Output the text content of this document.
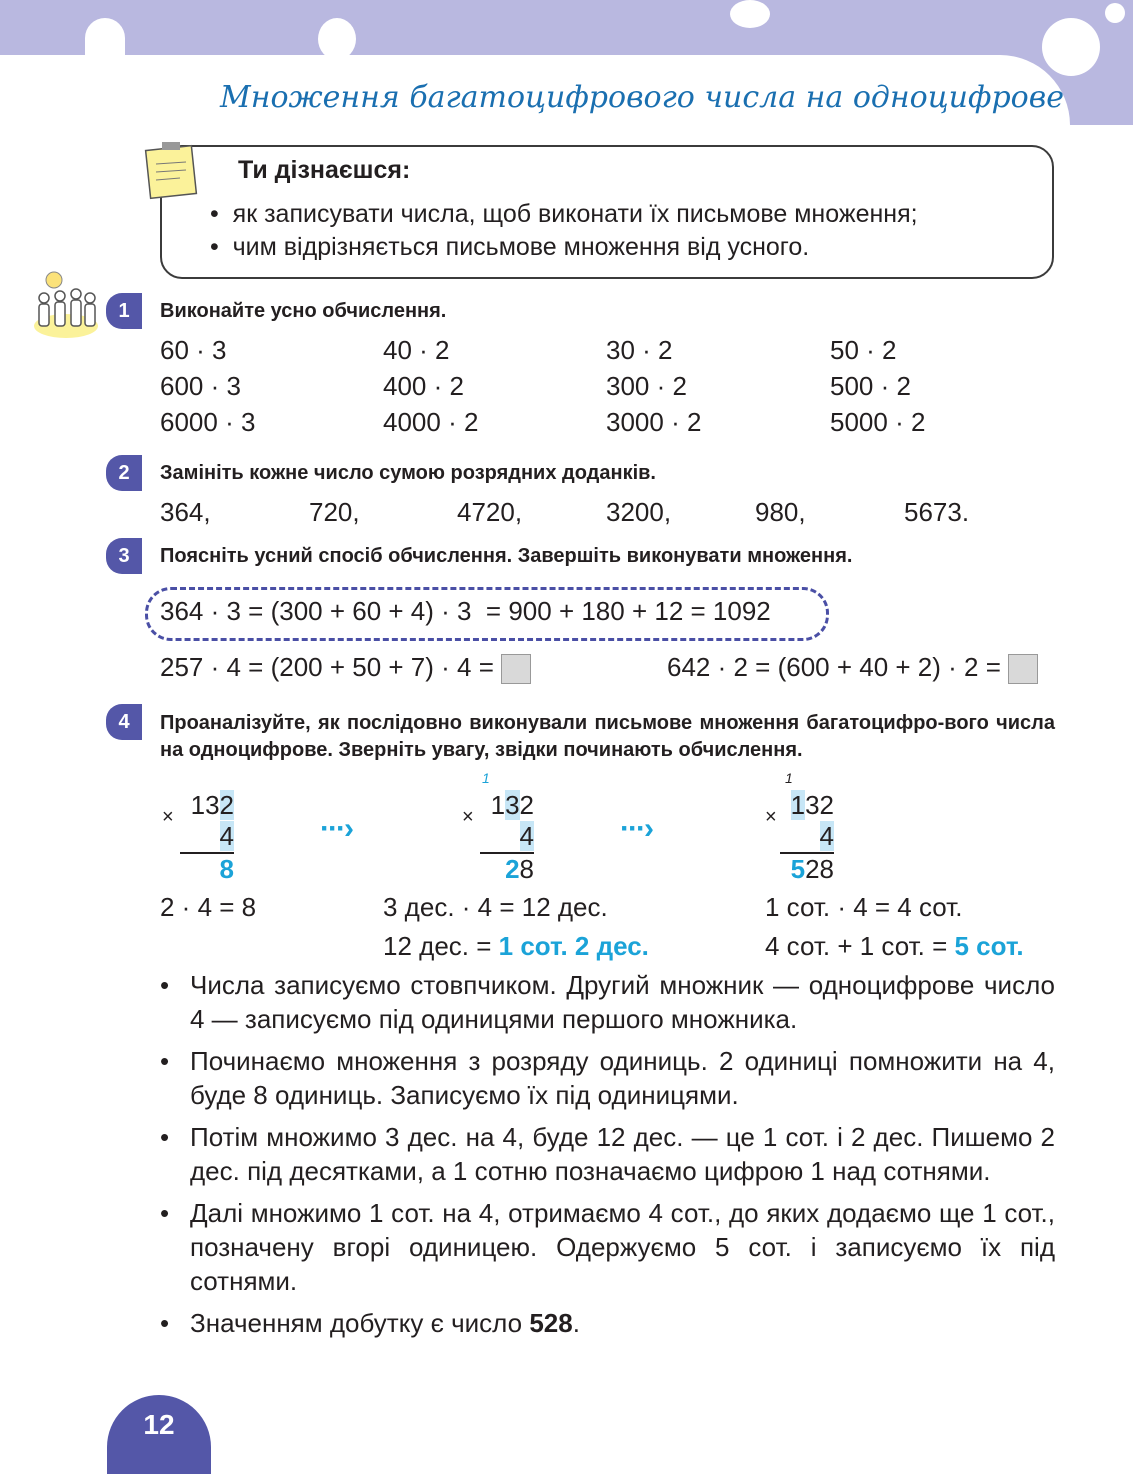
Множення багатоцифрового числа на одноцифрове
Ти дізнаєшся:
•  як записувати числа, щоб виконати їх письмове множення;
•  чим відрізняється письмове множення від усного.
1	Виконайте усно обчислення.
60 · 3	40 · 2	30 · 2	50 · 2
600 · 3	400 · 2	300 · 2	500 · 2
6000 · 3	4000 · 2	3000 · 2	5000 · 2
2	Замініть кожне число сумою розрядних доданків.
364,	720,	4720,	3200,	980,	5673.
3	Поясніть усний спосіб обчислення. Завершіть виконувати множення.
364 · 3 = (300 + 60 + 4) · 3  = 900 + 180 + 12 = 1092
257 · 4 = (200 + 50 + 7) · 4 =	642 · 2 = (600 + 40 + 2) · 2 =
4	Проаналізуйте, як послідовно виконували письмове множення багатоцифро-вого числа на одноцифрове. Зверніть увагу, звідки починають обчислення.
× 132
4
8
2 · 4 = 8
···›
1
× 132
4
28
3 дес. · 4 = 12 дес.
12 дес. = 1 сот. 2 дес.
···›
1
× 132
4
528
1 сот. · 4 = 4 сот.
4 сот. + 1 сот. = 5 сот.
• Числа записуємо стовпчиком. Другий множник — одноцифрове число 4 — записуємо під одиницями першого множника.
• Починаємо множення з розряду одиниць. 2 одиниці помножити на 4, буде 8 одиниць. Записуємо їх під одиницями.
• Потім множимо 3 дес. на 4, буде 12 дес. — це 1 сот. і 2 дес. Пишемо 2 дес. під десятками, а 1 сотню позначаємо цифрою 1 над сотнями.
• Далі множимо 1 сот. на 4, отримаємо 4 сот., до яких додаємо ще 1 сот., позначену вгорі одиницею. Одержуємо 5 сот. і записуємо їх під сотнями.
• Значенням добутку є число 528.
12
